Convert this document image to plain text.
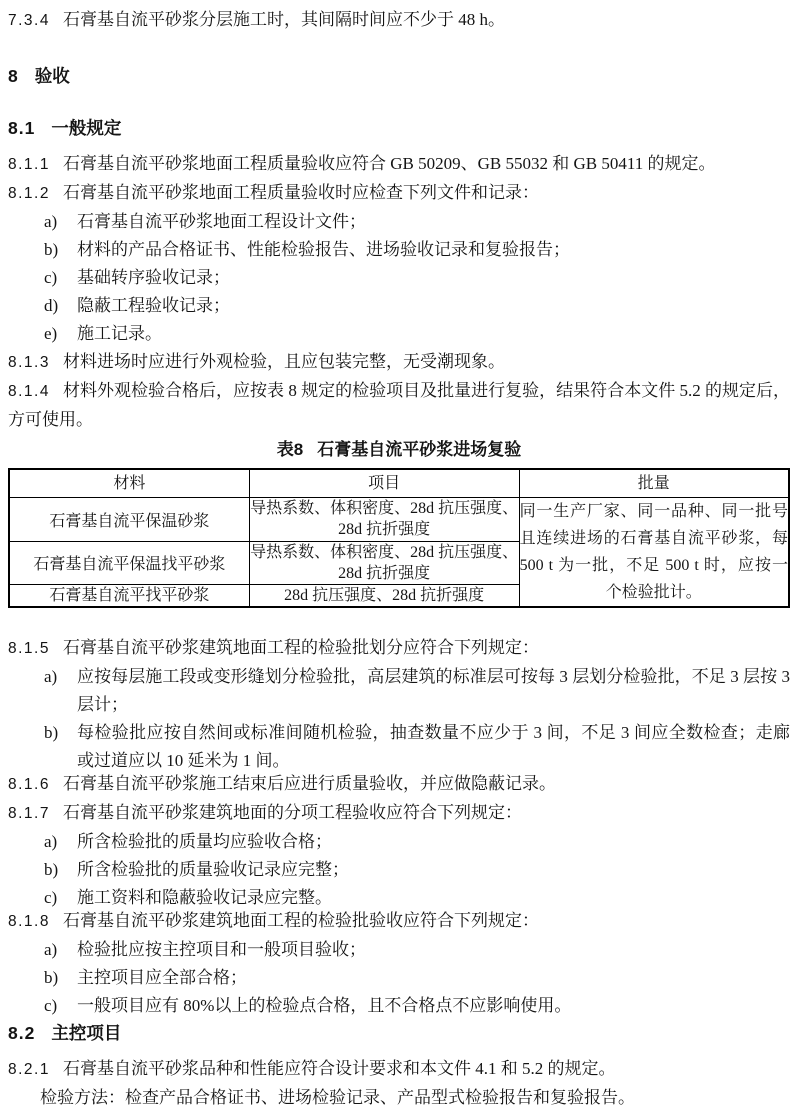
7.3.4 石膏基自流平砂浆分层施工时，其间隔时间应不少于 48 h。

8 验收
8.1 一般规定

8.1.1 石膏基自流平砂浆地面工程质量验收应符合 GB 50209、GB 55032 和 GB 50411 的规定。

8.1.2 石膏基自流平砂浆地面工程质量验收时应检查下列文件和记录：

a) 石膏基自流平砂浆地面工程设计文件；

b) 材料的产品合格证书、性能检验报告、进场验收记录和复验报告；

c) 基础转序验收记录；

d) 隐蔽工程验收记录；

e) 施工记录。

8.1.3 材料进场时应进行外观检验，且应包装完整，无受潮现象。

8.1.4 材料外观检验合格后，应按表 8 规定的检验项目及批量进行复验，结果符合本文件 5.2 的规定后，方可使用。

表8 石膏基自流平砂浆进场复验

材料	项目	批量
石膏基自流平保温砂浆	导热系数、体积密度、28d 抗压强度、28d 抗折强度	同一生产厂家、同一品种、同一批号且连续进场的石膏基自流平砂浆，每 500 t 为一批，不足 500 t 时，应按一个检验批计。
石膏基自流平保温找平砂浆	导热系数、体积密度、28d 抗压强度、28d 抗折强度	
石膏基自流平找平砂浆	28d 抗压强度、28d 抗折强度	

8.1.5 石膏基自流平砂浆建筑地面工程的检验批划分应符合下列规定：

a) 应按每层施工段或变形缝划分检验批，高层建筑的标准层可按每 3 层划分检验批，不足 3 层按 3 层计；

b) 每检验批应按自然间或标准间随机检验，抽查数量不应少于 3 间，不足 3 间应全数检查；走廊或过道应以 10 延米为 1 间。

8.1.6 石膏基自流平砂浆施工结束后应进行质量验收，并应做隐蔽记录。

8.1.7 石膏基自流平砂浆建筑地面的分项工程验收应符合下列规定：

a) 所含检验批的质量均应验收合格；

b) 所含检验批的质量验收记录应完整；

c) 施工资料和隐蔽验收记录应完整。

8.1.8 石膏基自流平砂浆建筑地面工程的检验批验收应符合下列规定：

a) 检验批应按主控项目和一般项目验收；

b) 主控项目应全部合格；

c) 一般项目应有 80%以上的检验点合格，且不合格点不应影响使用。

8.2 主控项目

8.2.1 石膏基自流平砂浆品种和性能应符合设计要求和本文件 4.1 和 5.2 的规定。

检验方法：检查产品合格证书、进场检验记录、产品型式检验报告和复验报告。
